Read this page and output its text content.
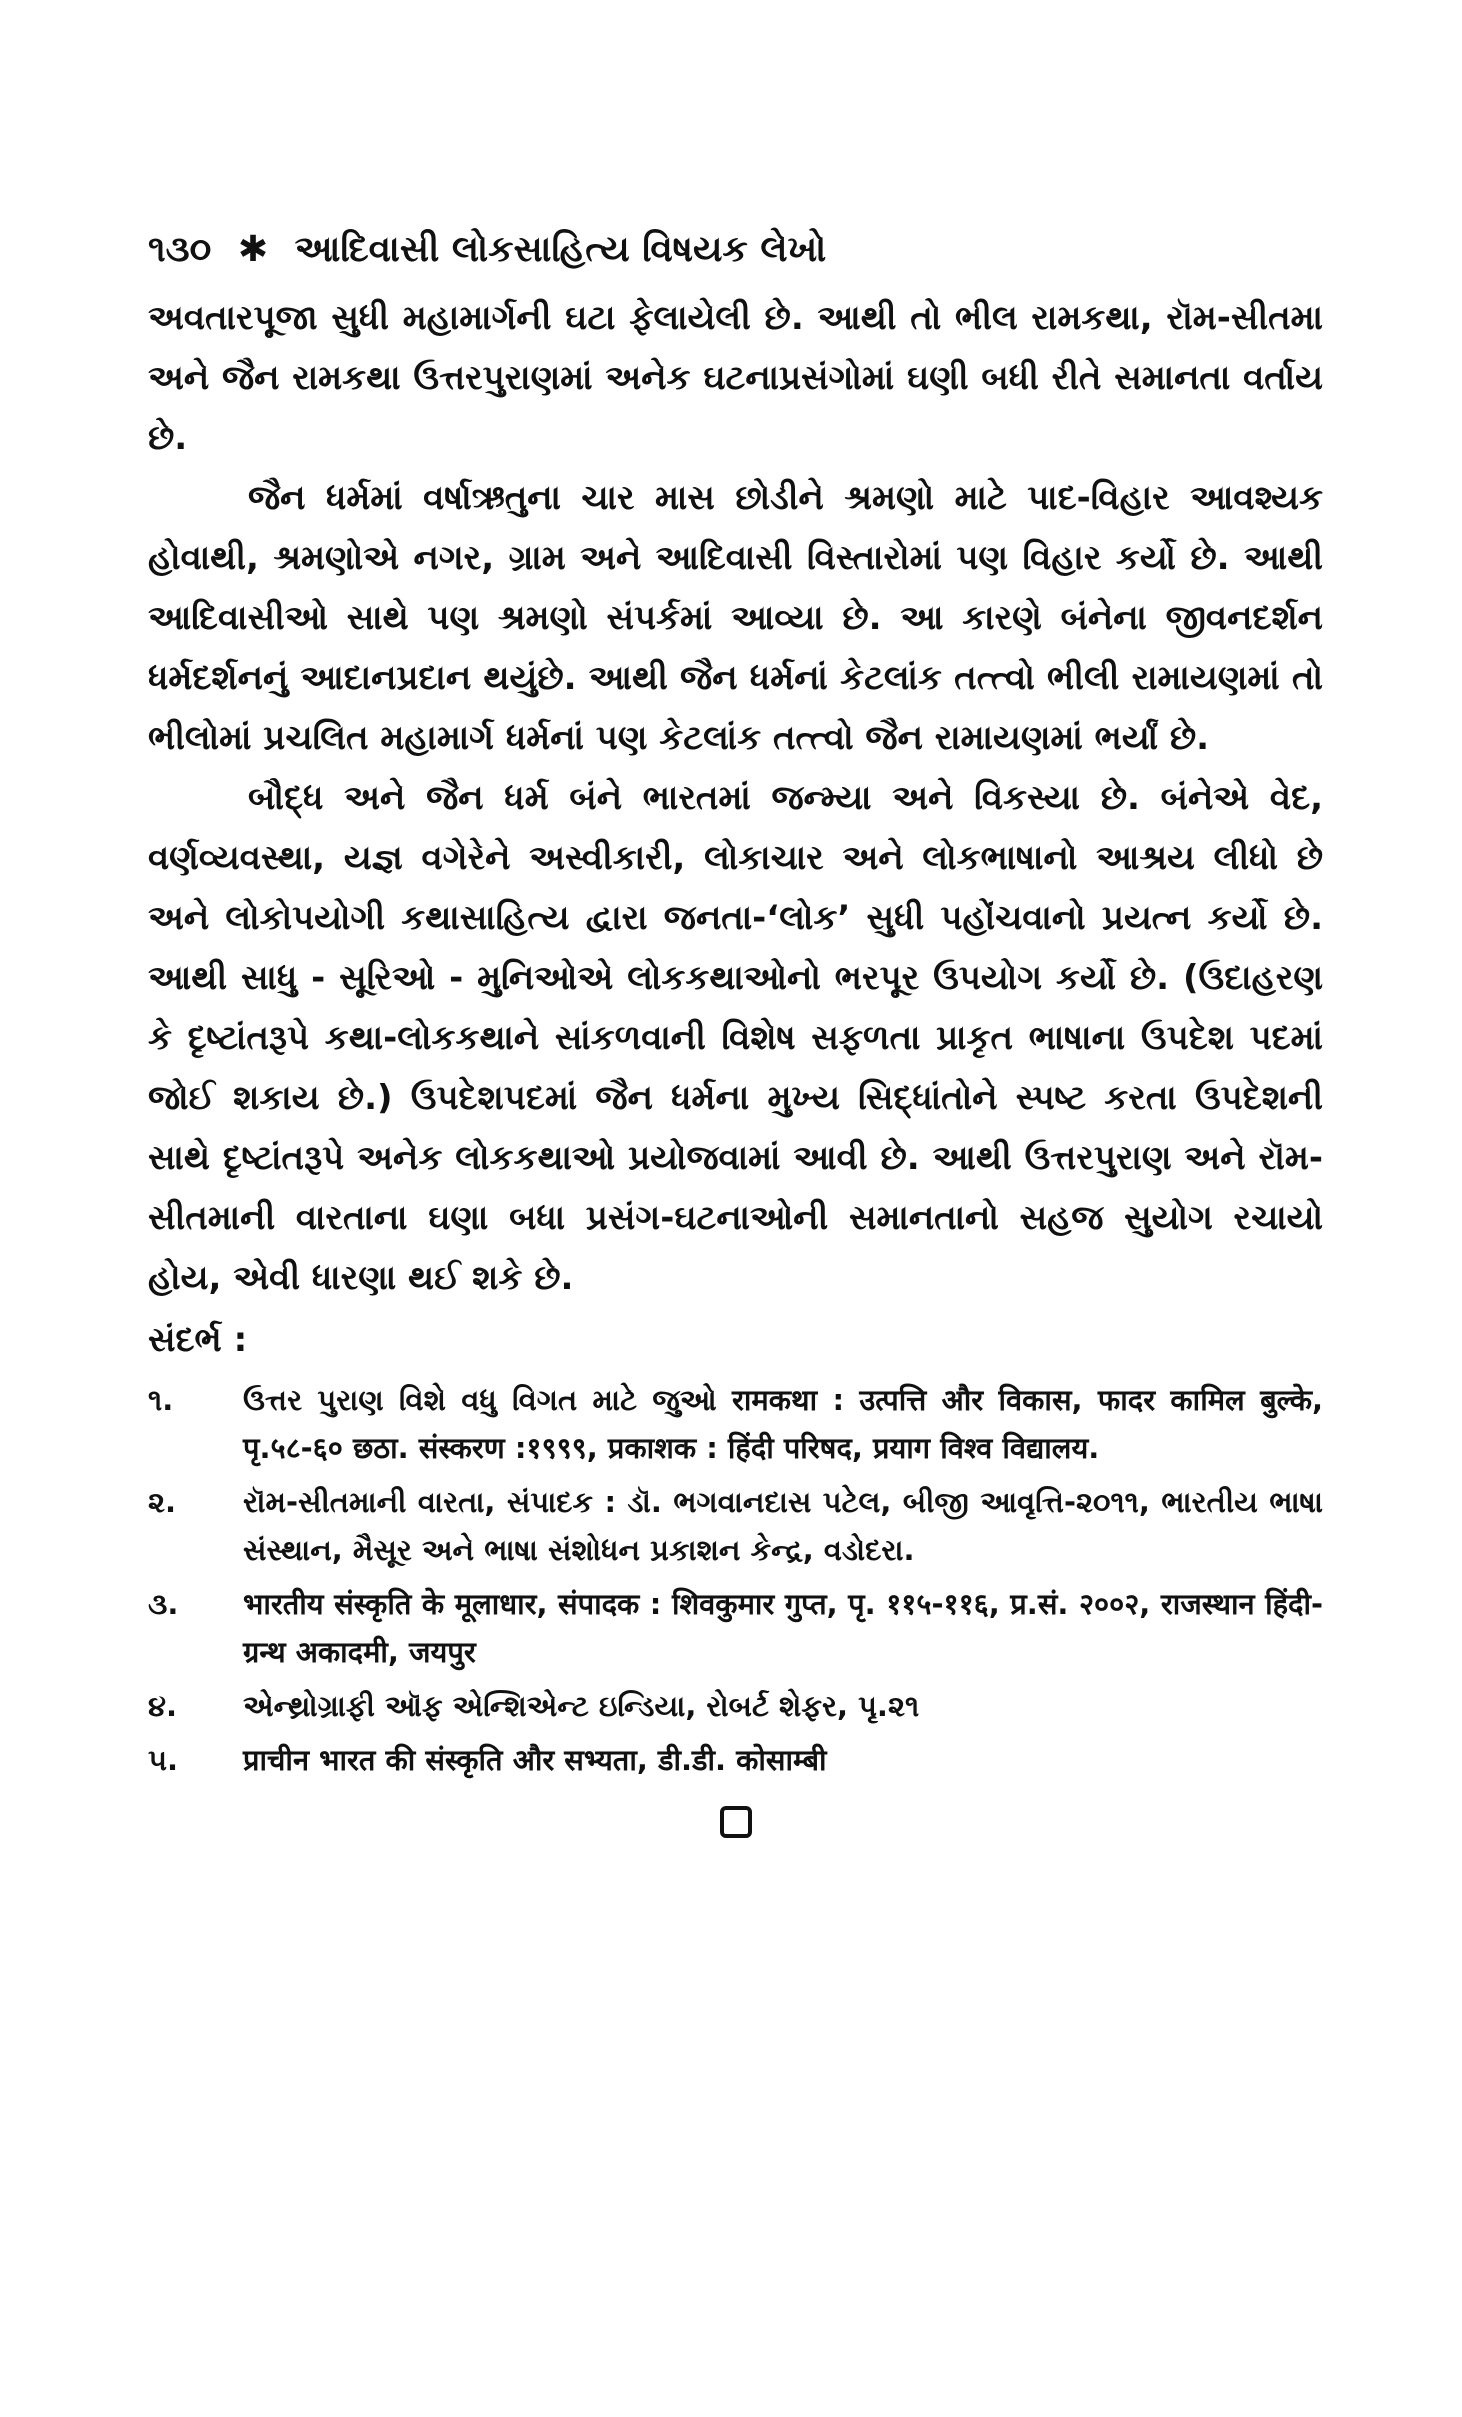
૧૩૦ ✱ આદિવાસી લોકસાહિત્ય વિષયક લેખો

અવતારપૂજા સુધી મહામાર્ગની ઘટા ફેલાયેલી છે. આથી તો ભીલ રામકથા, રૉમ-સીતમા અને જૈન રામકથા ઉત્તરપુરાણમાં અનેક ઘટનાપ્રસંગોમાં ઘણી બધી રીતે સમાનતા વર્તાય છે.

જૈન ધર્મમાં વર્ષાઋતુના ચાર માસ છોડીને શ્રમણો માટે પાદ-વિહાર આવશ્યક હોવાથી, શ્રમણોએ નગર, ગ્રામ અને આદિવાસી વિસ્તારોમાં પણ વિહાર કર્યો છે. આથી આદિવાસીઓ સાથે પણ શ્રમણો સંપર્કમાં આવ્યા છે. આ કારણે બંનેના જીવનદર્શન ધર્મદર્શનનું આદાનપ્રદાન થયુંછે. આથી જૈન ધર્મનાં કેટલાંક તત્ત્વો ભીલી રામાયણમાં તો ભીલોમાં પ્રચલિત મહામાર્ગ ધર્મનાં પણ કેટલાંક તત્ત્વો જૈન રામાયણમાં ભર્યાં છે.

બૌદ્ધ અને જૈન ધર્મ બંને ભારતમાં જન્મ્યા અને વિકસ્યા છે. બંનેએ વેદ, વર્ણવ્યવસ્થા, યજ્ઞ વગેરેને અસ્વીકારી, લોકાચાર અને લોકભાષાનો આશ્રય લીધો છે અને લોકોપયોગી કથાસાહિત્ય દ્વારા જનતા-‘લોક’ સુધી પહોંચવાનો પ્રયત્ન કર્યો છે. આથી સાધુ - સૂરિઓ - મુનિઓએ લોકકથાઓનો ભરપૂર ઉપયોગ કર્યો છે. (ઉદાહરણ કે દૃષ્ટાંતરૂપે કથા-લોકકથાને સાંકળવાની વિશેષ સફળતા પ્રાકૃત ભાષાના ઉપદેશ પદમાં જોઈ શકાય છે.) ઉપદેશપદમાં જૈન ધર્મના મુખ્ય સિદ્ધાંતોને સ્પષ્ટ કરતા ઉપદેશની સાથે દૃષ્ટાંતરૂપે અનેક લોકકથાઓ પ્રયોજવામાં આવી છે. આથી ઉત્તરપુરાણ અને રૉમ-સીતમાની વારતાના ઘણા બધા પ્રસંગ-ઘટનાઓની સમાનતાનો સહજ સુયોગ રચાયો હોય, એવી ધારણા થઈ શકે છે.

સંદર્ભ :
૧.	ઉત્તર પુરાણ વિશે વધુ વિગત માટે જુઓ रामकथा : उत्पत्ति और विकास, फादर कामिल बुल्के, पृ.५८-६० छठा. संस्करण :१९९९, प्रकाशक : हिंदी परिषद, प्रयाग विश्व विद्यालय.
૨.	રૉમ-સીતમાની વારતા, સંપાદક : ડૉ. ભગવાનદાસ પટેલ, બીજી આવૃત્તિ-૨૦૧૧, ભારતીય ભાષા સંસ્થાન, મૈસૂર અને ભાષા સંશોધન પ્રકાશન કેન્દ્ર, વડોદરા.
૩.	भारतीय संस्कृति के मूलाधार, संपादक : शिवकुमार गुप्त, पृ. ११५-११६, प्र.सं. २००२, राजस्थान हिंदी-ग्रन्थ अकादमी, जयपुर
૪.	એન્થ્રોગ્રાફી ઑફ એન્શિએન્ટ ઇન્ડિયા, રોબર્ટ શેફર, પૃ.૨૧
૫.	प्राचीन भारत की संस्कृति और सभ्यता, डी.डी. कोसाम्बी
